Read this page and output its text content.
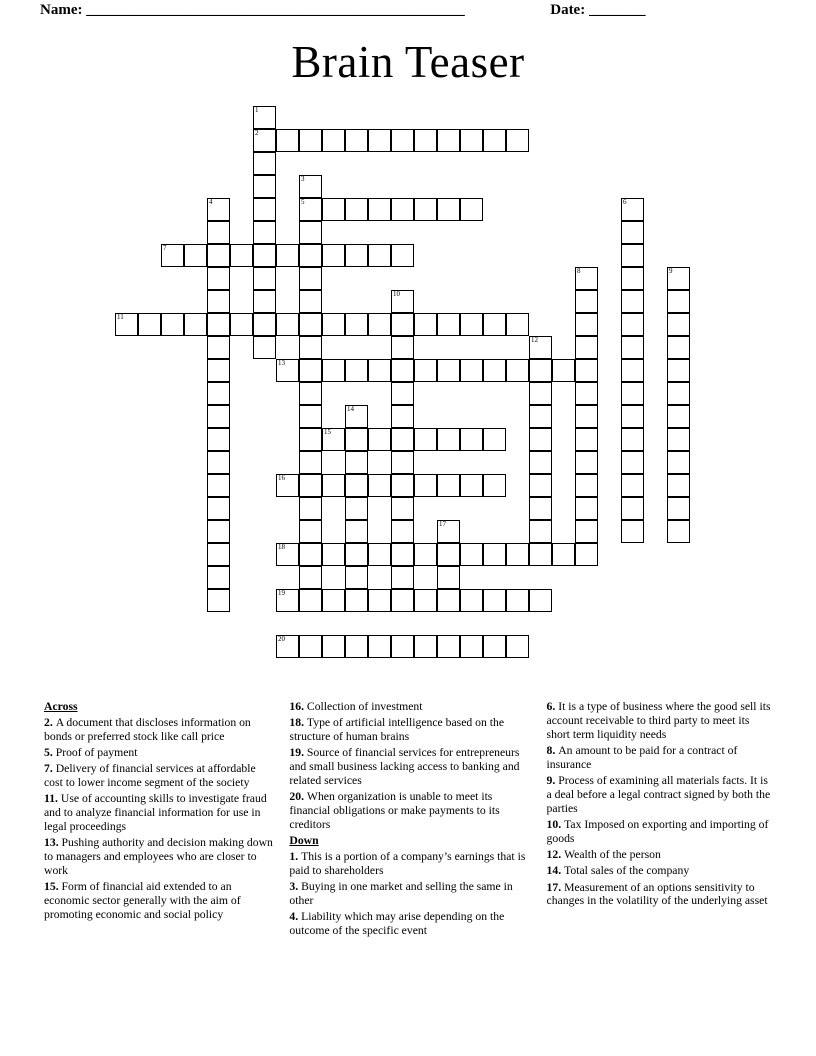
Name: ______________________________________________________	Date: ________
Brain Teaser
1
2
3
4	5	6
7
8	9
10
11
12
13
14
15
16
17
18
19
20
Across
2. A document that discloses information on bonds or preferred stock like call price
5. Proof of payment
7. Delivery of financial services at affordable cost to lower income segment of the society
11. Use of accounting skills to investigate fraud and to analyze financial information for use in legal proceedings
13. Pushing authority and decision making down to managers and employees who are closer to work
15. Form of financial aid extended to an economic sector generally with the aim of promoting economic and social policy
16. Collection of investment
18. Type of artificial intelligence based on the structure of human brains
19. Source of financial services for entrepreneurs and small business lacking access to banking and related services
20. When organization is unable to meet its financial obligations or make payments to its creditors
Down
1. This is a portion of a company’s earnings that is paid to shareholders
3. Buying in one market and selling the same in other
4. Liability which may arise depending on the outcome of the specific event
6. It is a type of business where the good sell its account receivable to third party to meet its short term liquidity needs
8. An amount to be paid for a contract of insurance
9. Process of examining all materials facts. It is a deal before a legal contract signed by both the parties
10. Tax Imposed on exporting and importing of goods
12. Wealth of the person
14. Total sales of the company
17. Measurement of an options sensitivity to changes in the volatility of the underlying asset
